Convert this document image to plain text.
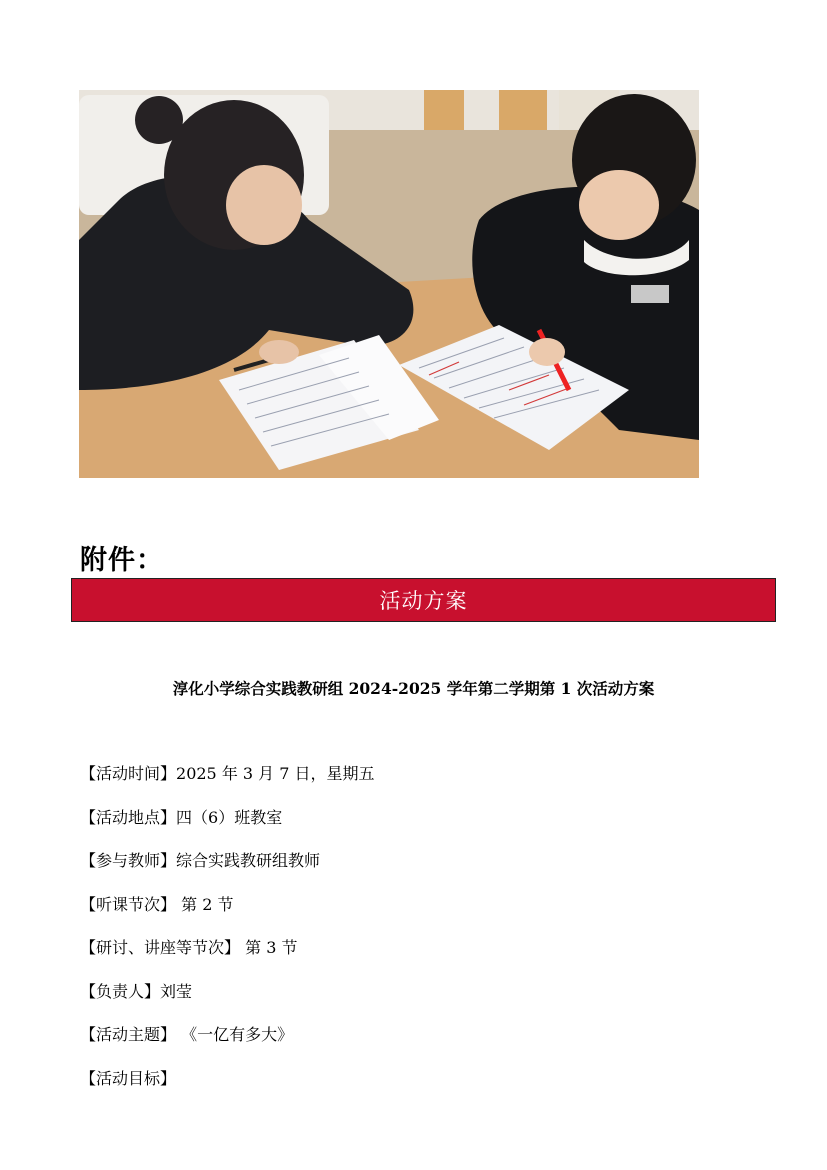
附件：
活动方案
淳化小学综合实践教研组 2024-2025 学年第二学期第 1 次活动方案
【活动时间】2025 年 3 月 7 日，星期五
【活动地点】四（6）班教室
【参与教师】综合实践教研组教师
【听课节次】 第 2 节
【研讨、讲座等节次】 第 3 节
【负责人】刘莹
【活动主题】 《一亿有多大》
【活动目标】
